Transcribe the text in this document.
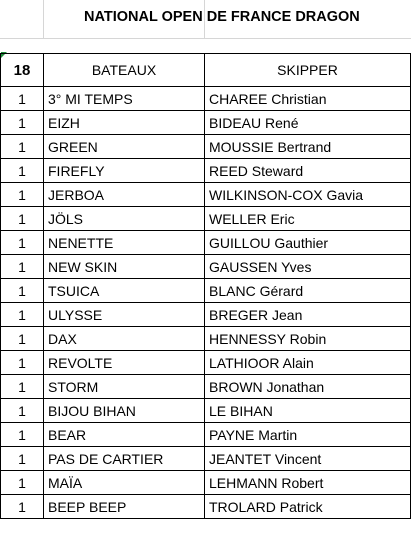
NATIONAL OPEN DE FRANCE DRAGON
18	BATEAUX	SKIPPER
1	3° MI TEMPS	CHAREE Christian
1	EIZH	BIDEAU René
1	GREEN	MOUSSIE Bertrand
1	FIREFLY	REED Steward
1	JERBOA	WILKINSON-COX Gavia
1	JÖLS	WELLER Eric
1	NENETTE	GUILLOU Gauthier
1	NEW SKIN	GAUSSEN Yves
1	TSUICA	BLANC Gérard
1	ULYSSE	BREGER Jean
1	DAX	HENNESSY Robin
1	REVOLTE	LATHIOOR Alain
1	STORM	BROWN Jonathan
1	BIJOU BIHAN	LE BIHAN
1	BEAR	PAYNE Martin
1	PAS DE CARTIER	JEANTET Vincent
1	MAÏA	LEHMANN Robert
1	BEEP BEEP	TROLARD Patrick
